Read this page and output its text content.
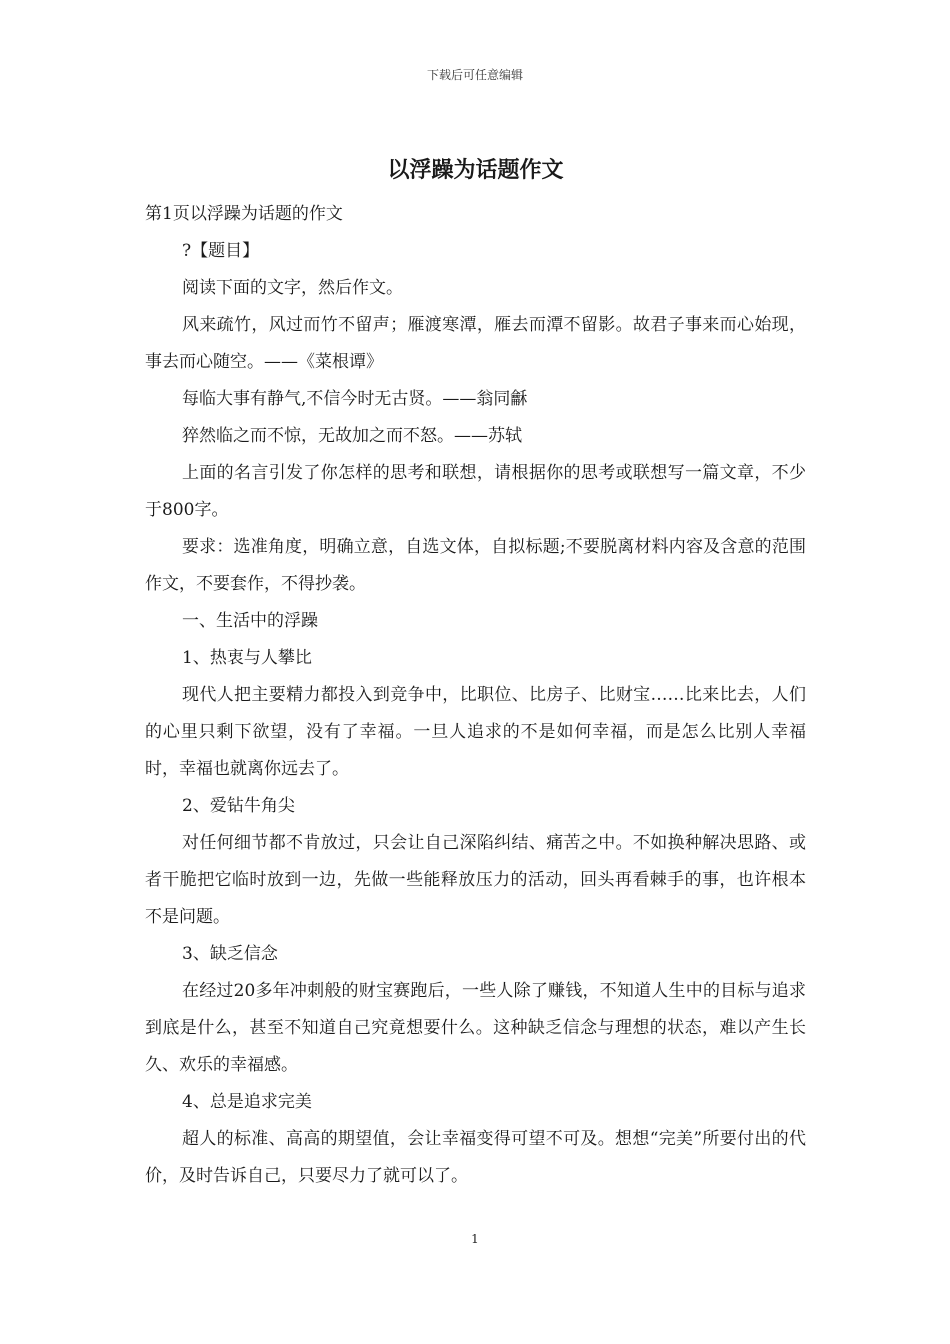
下载后可任意编辑
以浮躁为话题作文

第1页以浮躁为话题的作文

?【题目】

阅读下面的文字，然后作文。

风来疏竹，风过而竹不留声；雁渡寒潭，雁去而潭不留影。故君子事来而心始现，事去而心随空。——《菜根谭》

每临大事有静气,不信今时无古贤。——翁同龢

猝然临之而不惊，无故加之而不怒。——苏轼

上面的名言引发了你怎样的思考和联想，请根据你的思考或联想写一篇文章，不少于800字。

要求：选准角度，明确立意，自选文体，自拟标题;不要脱离材料内容及含意的范围作文，不要套作，不得抄袭。

一、生活中的浮躁

1、热衷与人攀比

现代人把主要精力都投入到竞争中，比职位、比房子、比财宝……比来比去，人们的心里只剩下欲望，没有了幸福。一旦人追求的不是如何幸福，而是怎么比别人幸福时，幸福也就离你远去了。

2、爱钻牛角尖

对任何细节都不肯放过，只会让自己深陷纠结、痛苦之中。不如换种解决思路、或者干脆把它临时放到一边，先做一些能释放压力的活动，回头再看棘手的事，也许根本不是问题。

3、缺乏信念

在经过20多年冲刺般的财宝赛跑后，一些人除了赚钱，不知道人生中的目标与追求到底是什么，甚至不知道自己究竟想要什么。这种缺乏信念与理想的状态，难以产生长久、欢乐的幸福感。

4、总是追求完美

超人的标准、高高的期望值，会让幸福变得可望不可及。想想“完美”所要付出的代价，及时告诉自己，只要尽力了就可以了。

1
